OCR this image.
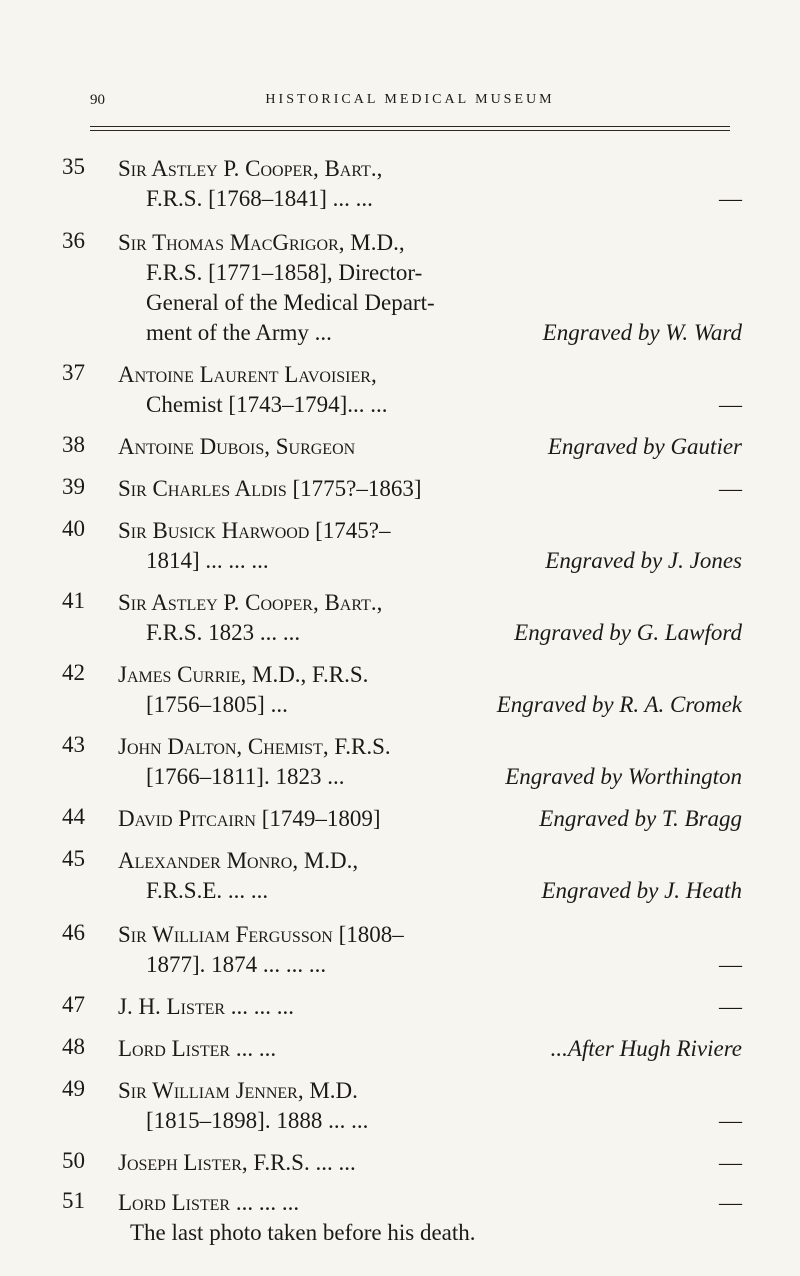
90	HISTORICAL MEDICAL MUSEUM
35	Sir Astley P. Cooper, Bart.,
F.R.S. [1768–1841] ... ...	—
36	Sir Thomas MacGrigor, M.D.,
F.R.S. [1771–1858], Director-
General of the Medical Depart-
ment of the Army ...	Engraved by W. Ward
37	Antoine Laurent Lavoisier,
Chemist [1743–1794]... ...	—
38	Antoine Dubois, Surgeon	Engraved by Gautier
39	Sir Charles Aldis [1775?–1863]	—
40	Sir Busick Harwood [1745?–
1814] ... ... ...	Engraved by J. Jones
41	Sir Astley P. Cooper, Bart.,
F.R.S. 1823 ... ...	Engraved by G. Lawford
42	James Currie, M.D., F.R.S.
[1756–1805] ...	Engraved by R. A. Cromek
43	John Dalton, Chemist, F.R.S.
[1766–1811]. 1823 ...	Engraved by Worthington
44	David Pitcairn [1749–1809]	Engraved by T. Bragg
45	Alexander Monro, M.D.,
F.R.S.E. ... ...	Engraved by J. Heath
46	Sir William Fergusson [1808–
1877]. 1874 ... ... ...	—
47	J. H. Lister ... ... ...	—
48	Lord Lister ... ...	...After Hugh Riviere
49	Sir William Jenner, M.D.
[1815–1898]. 1888 ... ...	—
50	Joseph Lister, F.R.S. ... ...	—
51	Lord Lister ... ... ...	—
The last photo taken before his death.
